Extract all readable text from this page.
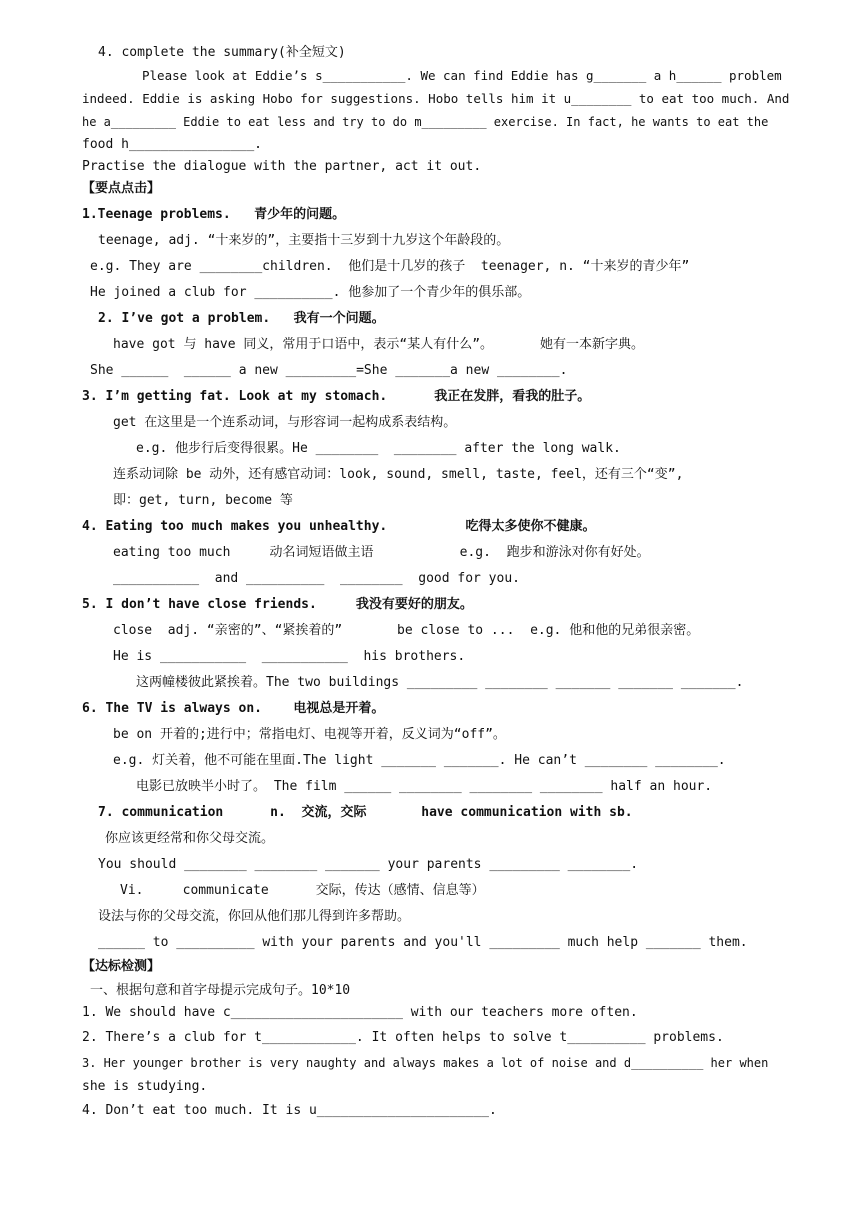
4. complete the summary(补全短文)
Please look at Eddie’s s___________. We can find Eddie has g_______ a h______ problem
indeed. Eddie is asking Hobo for suggestions. Hobo tells him it u________ to eat too much. And
he a_________ Eddie to eat less and try to do m_________ exercise. In fact, he wants to eat the
food h________________.
Practise the dialogue with the partner, act it out.
【要点点击】
1.Teenage problems.   青少年的问题。
teenage, adj. “十来岁的”，主要指十三岁到十九岁这个年龄段的。
e.g. They are ________children.  他们是十几岁的孩子  teenager, n. “十来岁的青少年”
He joined a club for __________. 他参加了一个青少年的俱乐部。
2. I’ve got a problem.   我有一个问题。
have got 与 have 同义，常用于口语中，表示“某人有什么”。      她有一本新字典。
She ______  ______ a new _________=She _______a new ________.
3. I’m getting fat. Look at my stomach.      我正在发胖，看我的肚子。
get 在这里是一个连系动词，与形容词一起构成系表结构。
e.g. 他步行后变得很累。He ________  ________ after the long walk.
连系动词除 be 动外，还有感官动词：look, sound, smell, taste, feel，还有三个“变”,
即：get, turn, become 等
4. Eating too much makes you unhealthy.          吃得太多使你不健康。
eating too much     动名词短语做主语           e.g.  跑步和游泳对你有好处。
___________  and __________  ________  good for you.
5. I don’t have close friends.     我没有要好的朋友。
close  adj. “亲密的”、“紧挨着的”       be close to ...  e.g. 他和他的兄弟很亲密。
He is ___________  ___________  his brothers.
这两幢楼彼此紧挨着。The two buildings _________ ________ _______ _______ _______.
6. The TV is always on.    电视总是开着。
be on 开着的;进行中；常指电灯、电视等开着，反义词为“off”。
e.g. 灯关着，他不可能在里面.The light _______ _______. He can’t ________ ________.
电影已放映半小时了。 The film ______ ________ ________ ________ half an hour.
7. communication      n.  交流，交际       have communication with sb.
你应该更经常和你父母交流。
You should ________ ________ _______ your parents _________ ________.
Vi.     communicate      交际，传达（感情、信息等）
设法与你的父母交流，你回从他们那儿得到许多帮助。
______ to __________ with your parents and you'll _________ much help _______ them.
【达标检测】
一、根据句意和首字母提示完成句子。10*10
1. We should have c______________________ with our teachers more often.
2. There’s a club for t____________. It often helps to solve t__________ problems.
3. Her younger brother is very naughty and always makes a lot of noise and d__________ her when
she is studying.
4. Don’t eat too much. It is u______________________.
